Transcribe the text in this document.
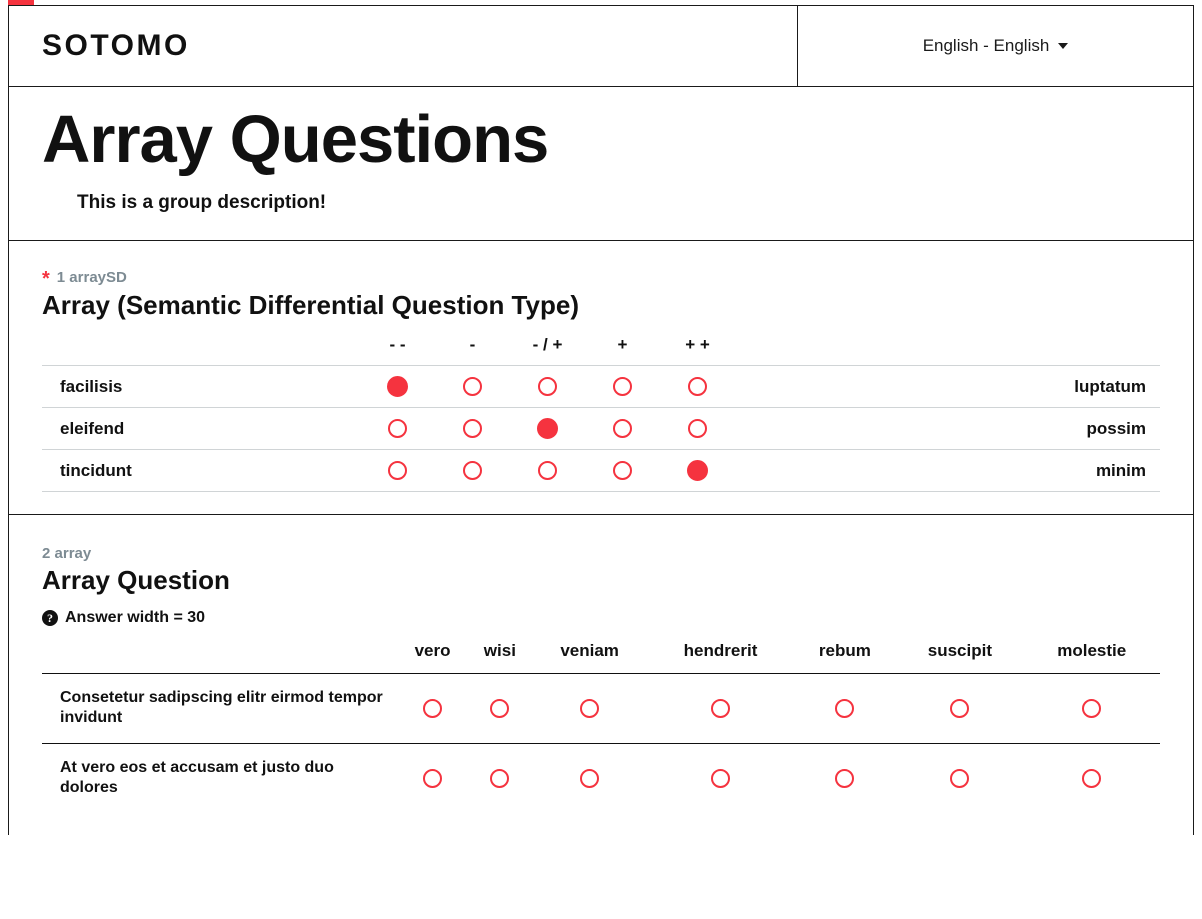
SOTOMO	English - English
Array Questions
This is a group description!
* 1 arraySD
Array (Semantic Differential Question Type)
	- -	-	- / +	+	+ +	
facilisis						luptatum
eleifend						possim
tincidunt						minim
2 array
Array Question
? Answer width = 30
	vero	wisi	veniam	hendrerit	rebum	suscipit	molestie
Consetetur sadipscing elitr eirmod tempor invidunt							
At vero eos et accusam et justo duo dolores							
